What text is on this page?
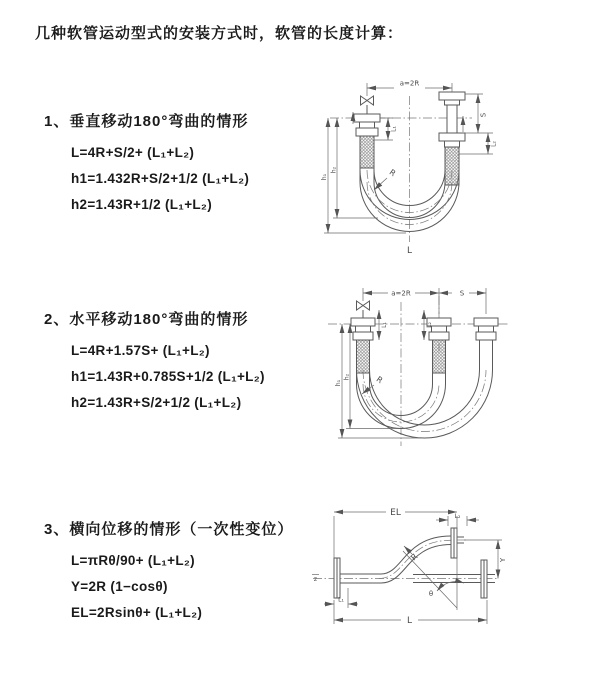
几种软管运动型式的安装方式时，软管的长度计算：
1、垂直移动180°弯曲的情形
L=4R+S/2+ (L₁+L₂)
h1=1.432R+S/2+1/2 (L₁+L₂)
h2=1.43R+1/2 (L₁+L₂)
2、水平移动180°弯曲的情形
L=4R+1.57S+ (L₁+L₂)
h1=1.43R+0.785S+1/2 (L₁+L₂)
h2=1.43R+S/2+1/2 (L₁+L₂)
3、横向位移的情形（一次性变位）
L=πRθ/90+ (L₁+L₂)
Y=2R (1−cosθ)
EL=2Rsinθ+ (L₁+L₂)
a=2R
L₁
S
L₂
h₁
h₂	R
L
a=2R	S
L₁	L₂
h₁
h₂	R
z
θ
EL	L₂
Y
L₁
L
R
